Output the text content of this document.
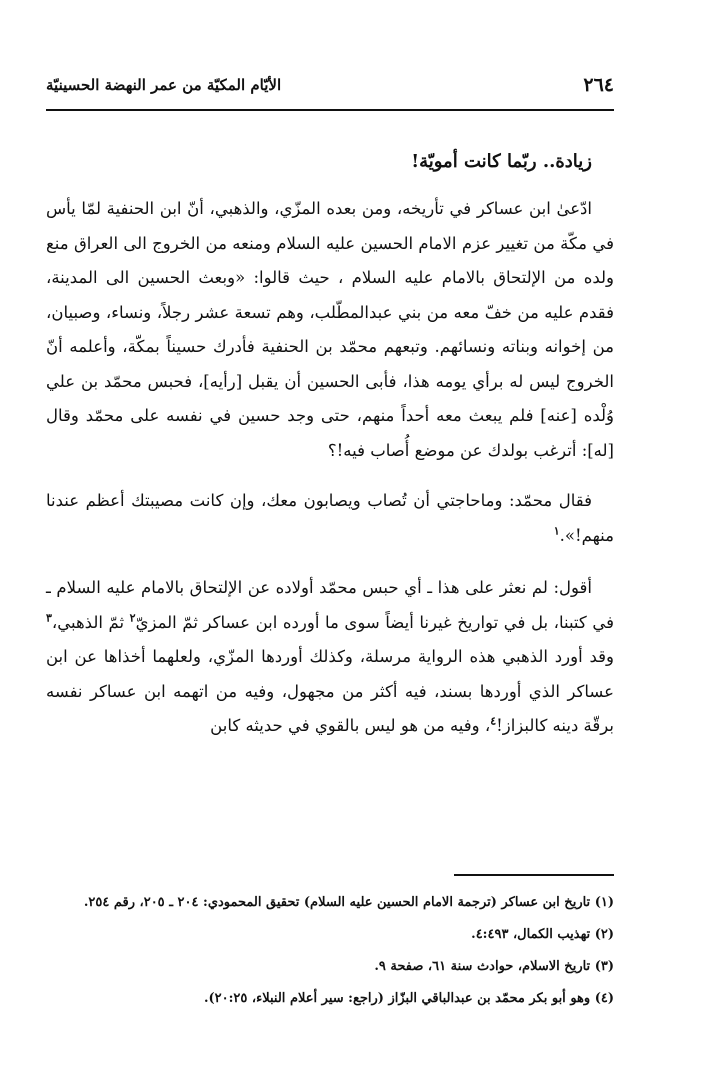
٢٦٤
الأيّام المكيّة من عمر النهضة الحسينيّة
زيادة.. ربّما كانت أمويّة!

ادّعىٰ ابن عساكر في تأريخه، ومن بعده المزّي، والذهبي، أنّ ابن الحنفية لمّا يأس في مكّة من تغيير عزم الامام الحسين عليه السلام ومنعه من الخروج الى العراق منع ولده من الإلتحاق بالامام عليه السلام ، حيث قالوا: «وبعث الحسين الى المدينة، فقدم عليه من خفّ معه من بني عبدالمطّلب، وهم تسعة عشر رجلاً، ونساء، وصبيان، من إخوانه وبناته ونسائهم. وتبعهم محمّد بن الحنفية فأدرك حسيناً بمكّة، وأعلمه أنّ الخروج ليس له برأي يومه هذا، فأبى الحسين أن يقبل [رأيه]، فحبس محمّد بن علي وُلْده [عنه] فلم يبعث معه أحداً منهم، حتى وجد حسين في نفسه على محمّد وقال [له]: أترغب بولدك عن موضع أُصاب فيه!؟

فقال محمّد: وماحاجتي أن تُصاب ويصابون معك، وإن كانت مصيبتك أعظم عندنا منهم!».$^١$

أقول: لم نعثر على هذا ـ أي حبس محمّد أولاده عن الإلتحاق بالامام عليه السلام ـ في كتبنا، بل في تواريخ غيرنا أيضاً سوى ما أورده ابن عساكر ثمّ المزيّ$^٢$ ثمّ الذهبي،$^٣$ وقد أورد الذهبي هذه الرواية مرسلة، وكذلك أوردها المزّي، ولعلهما أخذاها عن ابن عساكر الذي أوردها بسند، فيه أكثر من مجهول، وفيه من اتهمه ابن عساكر نفسه برقّة دينه كالبزاز!$^٤$، وفيه من هو ليس بالقوي في حديثه كابن

(١) تاريخ ابن عساكر (ترجمة الامام الحسين عليه السلام) تحقيق المحمودي: ٢٠٤ ـ ٢٠٥، رقم ٢٥٤.
(٢) تهذيب الكمال، ٤:٤٩٣.
(٣) تاريخ الاسلام، حوادث سنة ٦١، صفحة ٩.
(٤) وهو أبو بكر محمّد بن عبدالباقي البزّاز (راجع: سير أعلام النبلاء، ٢٠:٢٥).
